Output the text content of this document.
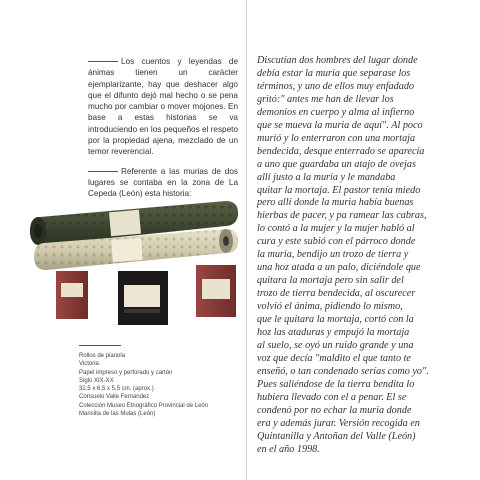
Los cuentos y leyendas de ánimas tienen un carácter ejemplarizante, hay que deshacer algo que el difunto dejó mal hecho o se pena mucho por cambiar o mover mojones. En base a estas historias se va introduciendo en los pequeños el respeto por la propiedad ajena, mezclado de un temor reverencial.

Referente a las murias de dos lugares se contaba en la zona de La Cepeda (León) esta historia:

Rollos de pianola
Victoria
Papel impreso y perforado y cartón
Siglo XIX-XX
32,5 x 6,5 x 5,5 cm. (aprox.)
Consuelo Valle Fernández
Colección Museo Etnográfico Provincial de León
Mansilla de las Mulas (León)
Discutían dos hombres del lugar donde
debía estar la muria que separase los
términos, y uno de ellos muy enfadado
gritó:" antes me han de llevar los
demonios en cuerpo y alma al infierno
que se mueva la muria de aquí". Al poco
murió y lo enterraron con una mortaja
bendecida, desque enterrado se aparecía
a uno que guardaba un atajo de ovejas
allí justo a la muria y le mandaba
quitar la mortaja. El pastor tenía miedo
pero allí donde la muria había buenas
hierbas de pacer, y pa ramear las cabras,
lo contó a la mujer y la mujer habló al
cura y este subió con el párroco donde
la muria, bendijo un trozo de tierra y
una hoz atada a un palo, diciéndole que
quitara la mortaja pero sin salir del
trozo de tierra bendecida, al oscurecer
volvió el ánima, pidiendo lo mismo,
que le quitara la mortaja, cortó con la
hoz las ataduras y empujó la mortaja
al suelo, se oyó un ruido grande y una
voz que decía "maldito el que tanto te
enseñó, o tan condenado serías como yo".
Pues saliéndose de la tierra bendita lo
hubiera llevado con el a penar. El se
condenó por no echar la muria donde
era y además jurar. Versión recogida en
Quintanilla y Antoñan del Valle (León)
en el año 1998.
